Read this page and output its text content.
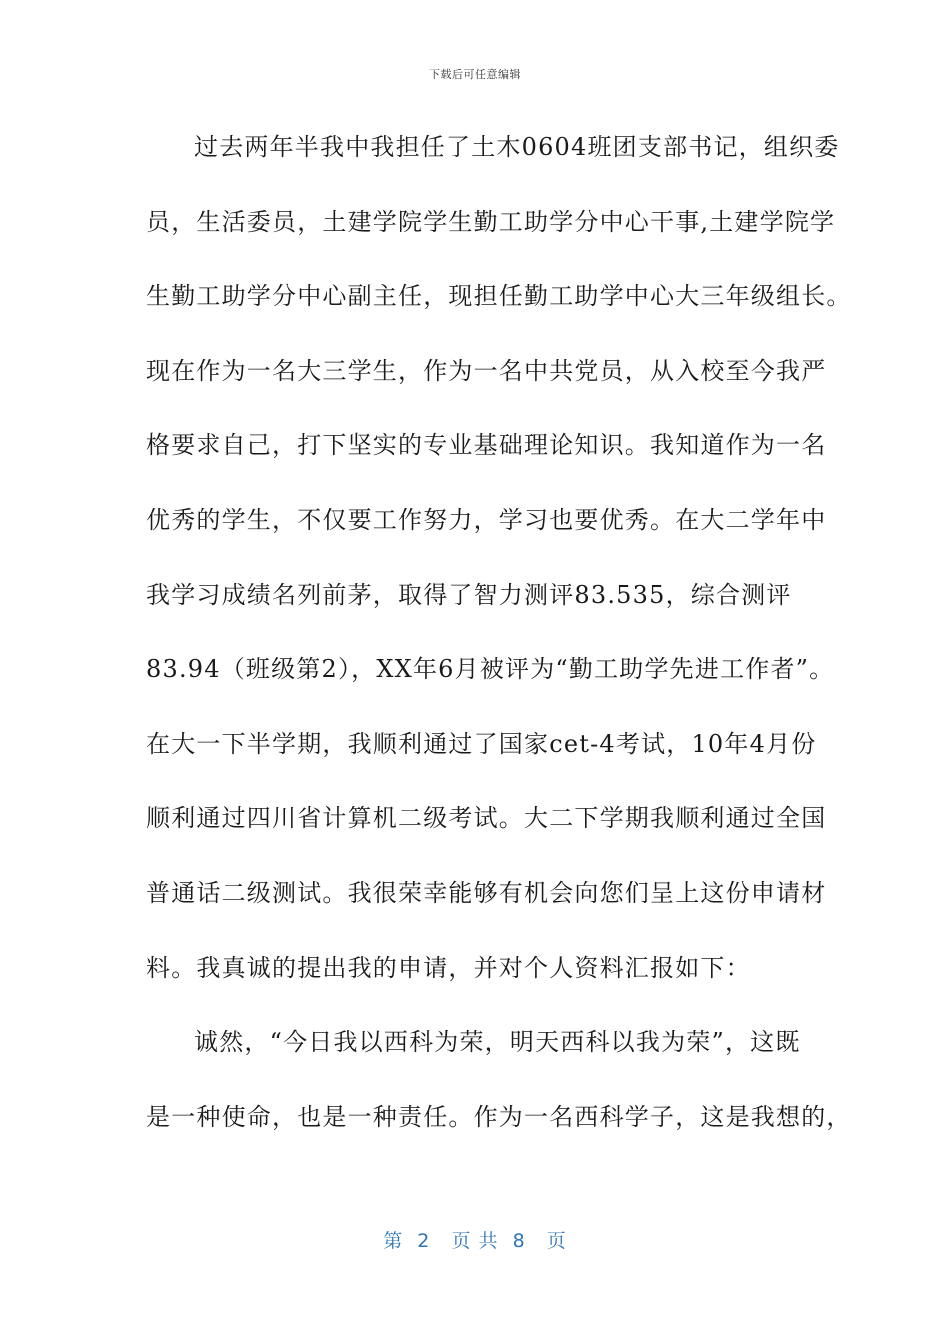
下载后可任意编辑
过去两年半我中我担任了土木0604班团支部书记，组织委
员，生活委员，土建学院学生勤工助学分中心干事,土建学院学
生勤工助学分中心副主任，现担任勤工助学中心大三年级组长。
现在作为一名大三学生，作为一名中共党员，从入校至今我严
格要求自己，打下坚实的专业基础理论知识。我知道作为一名
优秀的学生，不仅要工作努力，学习也要优秀。在大二学年中
我学习成绩名列前茅，取得了智力测评83.535，综合测评
83.94（班级第2），XX年6月被评为“勤工助学先进工作者”。
在大一下半学期，我顺利通过了国家cet-4考试，10年4月份
顺利通过四川省计算机二级考试。大二下学期我顺利通过全国
普通话二级测试。我很荣幸能够有机会向您们呈上这份申请材
料。我真诚的提出我的申请，并对个人资料汇报如下：
诚然，“今日我以西科为荣，明天西科以我为荣”，这既
是一种使命，也是一种责任。作为一名西科学子，这是我想的，
第  2   页 共  8   页
